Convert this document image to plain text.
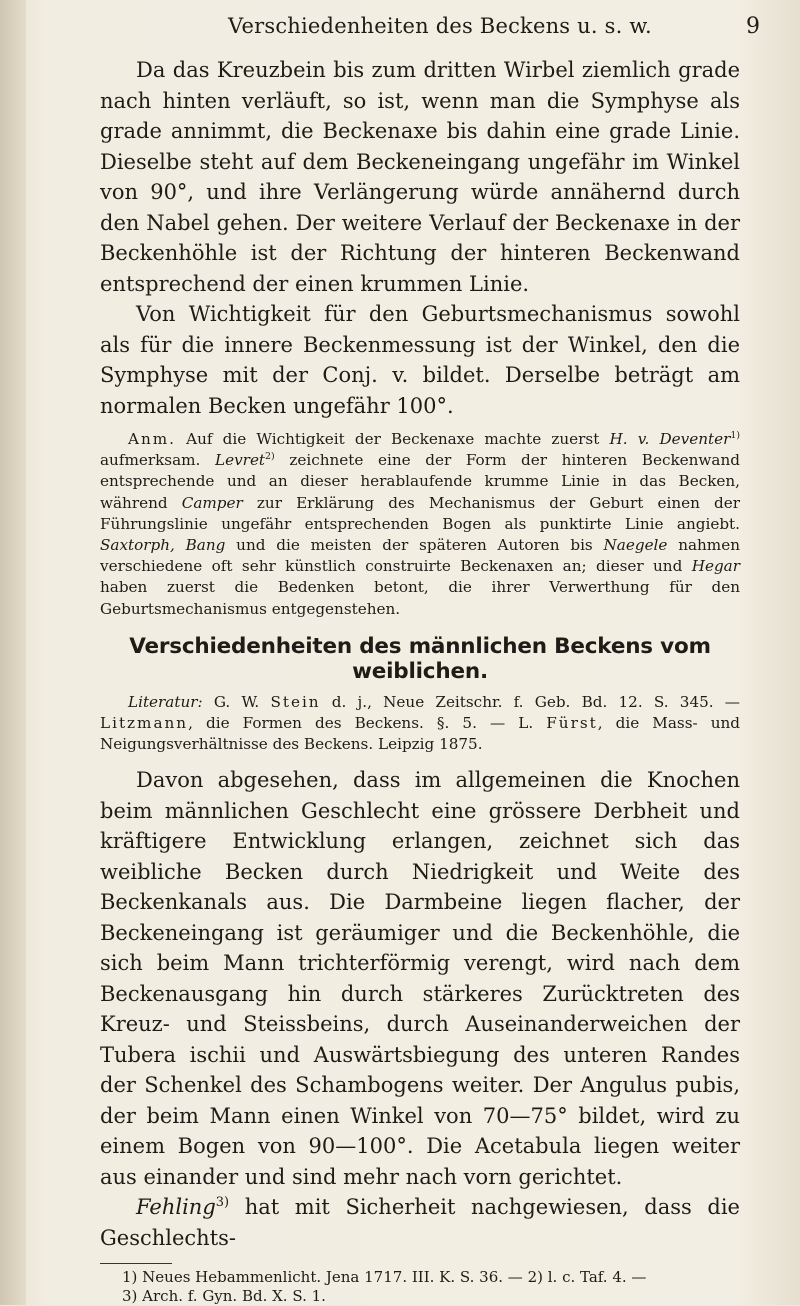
Verschiedenheiten des Beckens u. s. w.	9

Da das Kreuzbein bis zum dritten Wirbel ziemlich grade nach hinten verläuft, so ist, wenn man die Symphyse als grade annimmt, die Beckenaxe bis dahin eine grade Linie. Dieselbe steht auf dem Beckeneingang ungefähr im Winkel von 90°, und ihre Verlängerung würde annähernd durch den Nabel gehen. Der weitere Verlauf der Beckenaxe in der Beckenhöhle ist der Richtung der hinteren Beckenwand entsprechend der einen krummen Linie.

Von Wichtigkeit für den Geburtsmechanismus sowohl als für die innere Beckenmessung ist der Winkel, den die Symphyse mit der Conj. v. bildet. Derselbe beträgt am normalen Becken ungefähr 100°.

Anm. Auf die Wichtigkeit der Beckenaxe machte zuerst H. v. Deventer$^{1)}$ aufmerksam. Levret$^{2)}$ zeichnete eine der Form der hinteren Beckenwand entsprechende und an dieser herablaufende krumme Linie in das Becken, während Camper zur Erklärung des Mechanismus der Geburt einen der Führungslinie ungefähr entsprechenden Bogen als punktirte Linie angiebt. Saxtorph, Bang und die meisten der späteren Autoren bis Naegele nahmen verschiedene oft sehr künstlich construirte Beckenaxen an; dieser und Hegar haben zuerst die Bedenken betont, die ihrer Verwerthung für den Geburtsmechanismus entgegenstehen.

Verschiedenheiten des männlichen Beckens vom weiblichen.

Literatur: G. W. Stein d. j., Neue Zeitschr. f. Geb. Bd. 12. S. 345. — Litzmann, die Formen des Beckens. §. 5. — L. Fürst, die Mass- und Neigungsverhältnisse des Beckens. Leipzig 1875.

Davon abgesehen, dass im allgemeinen die Knochen beim männlichen Geschlecht eine grössere Derbheit und kräftigere Entwicklung erlangen, zeichnet sich das weibliche Becken durch Niedrigkeit und Weite des Beckenkanals aus. Die Darmbeine liegen flacher, der Beckeneingang ist geräumiger und die Beckenhöhle, die sich beim Mann trichterförmig verengt, wird nach dem Beckenausgang hin durch stärkeres Zurücktreten des Kreuz- und Steissbeins, durch Auseinanderweichen der Tubera ischii und Auswärtsbiegung des unteren Randes der Schenkel des Schambogens weiter. Der Angulus pubis, der beim Mann einen Winkel von 70—75° bildet, wird zu einem Bogen von 90—100°. Die Acetabula liegen weiter aus einander und sind mehr nach vorn gerichtet.

Fehling$^{3)}$ hat mit Sicherheit nachgewiesen, dass die Geschlechts-

1) Neues Hebammenlicht. Jena 1717. III. K. S. 36. — 2) l. c. Taf. 4. —

3) Arch. f. Gyn. Bd. X. S. 1.
